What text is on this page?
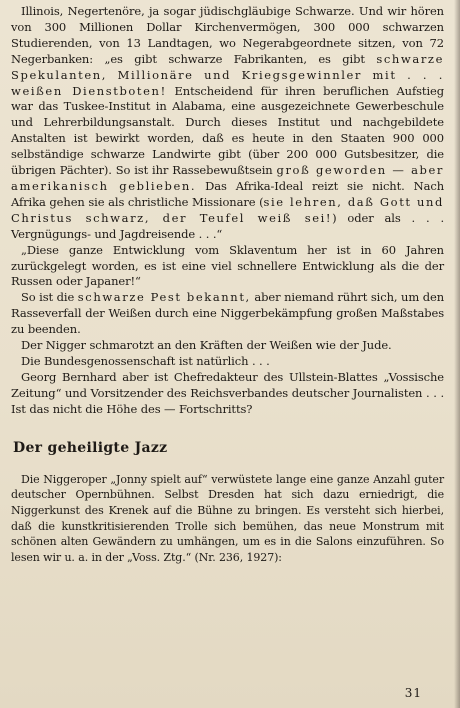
Illinois, Negertenöre, ja sogar jüdischgläubige Schwarze. Und wir hören von 300 Millionen Dollar Kirchenvermögen, 300 000 schwarzen Studierenden, von 13 Landtagen, wo Negerabgeordnete sitzen, von 72 Negerbanken: „es gibt schwarze Fabrikanten, es gibt schwarze Spekulanten, Millionäre und Kriegsgewinnler mit . . . weißen Dienstboten! Entscheidend für ihren beruflichen Aufstieg war das Tuskee-Institut in Alabama, eine ausgezeichnete Gewerbeschule und Lehrerbildungsanstalt. Durch dieses Institut und nachgebildete Anstalten ist bewirkt worden, daß es heute in den Staaten 900 000 selbständige schwarze Landwirte gibt (über 200 000 Gutsbesitzer, die übrigen Pächter). So ist ihr Rassebewußtsein groß geworden — aber amerikanisch geblieben. Das Afrika-Ideal reizt sie nicht. Nach Afrika gehen sie als christliche Missionare (sie lehren, daß Gott und Christus schwarz, der Teufel weiß sei!) oder als . . . Vergnügungs- und Jagdreisende . . .“

„Diese ganze Entwicklung vom Sklaventum her ist in 60 Jahren zurückgelegt worden, es ist eine viel schnellere Entwicklung als die der Russen oder Japaner!“

So ist die schwarze Pest bekannt, aber niemand rührt sich, um den Rasseverfall der Weißen durch eine Niggerbekämpfung großen Maßstabes zu beenden.

Der Nigger schmarotzt an den Kräften der Weißen wie der Jude.

Die Bundesgenossenschaft ist natürlich . . .

Georg Bernhard aber ist Chefredakteur des Ullstein-Blattes „Vossische Zeitung“ und Vorsitzender des Reichsverbandes deutscher Journalisten . . . Ist das nicht die Höhe des — Fortschritts?

Der geheiligte Jazz

Die Niggeroper „Jonny spielt auf“ verwüstete lange eine ganze Anzahl guter deutscher Opernbühnen. Selbst Dresden hat sich dazu erniedrigt, die Niggerkunst des Krenek auf die Bühne zu bringen. Es versteht sich hierbei, daß die kunstkritisierenden Trolle sich bemühen, das neue Monstrum mit schönen alten Gewändern zu umhängen, um es in die Salons einzuführen. So lesen wir u. a. in der „Voss. Ztg.“ (Nr. 236, 1927):

31
